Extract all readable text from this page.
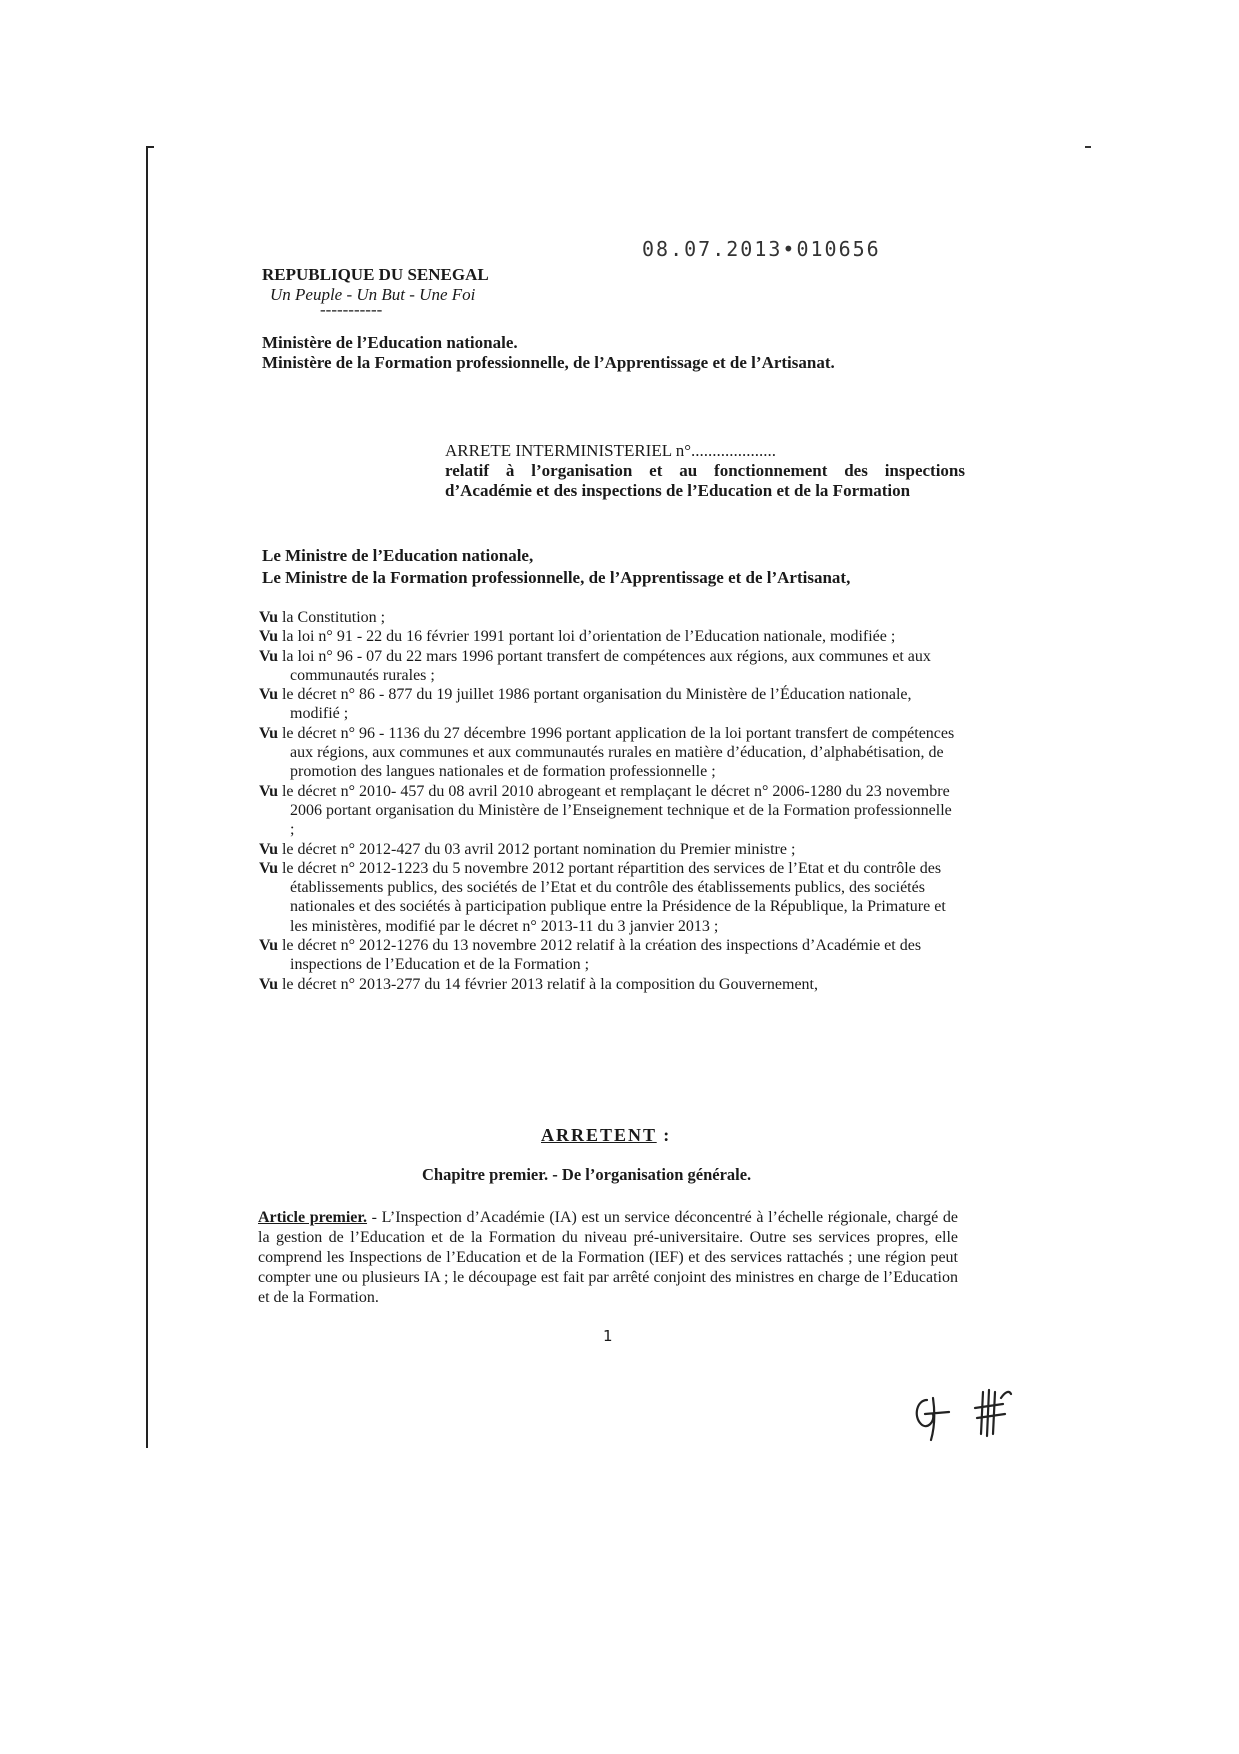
08.07.2013•010656
REPUBLIQUE DU SENEGAL
Un Peuple - Un But - Une Foi
-----------
Ministère de l’Education nationale.
Ministère de la Formation professionnelle, de l’Apprentissage et de l’Artisanat.
ARRETE INTERMINISTERIEL n°....................
relatif à l’organisation et au fonctionnement des inspections
d’Académie et des inspections de l’Education et de la Formation
Le Ministre de l’Education nationale,
Le Ministre de la Formation professionnelle, de l’Apprentissage et de l’Artisanat,
Vu la Constitution ;
Vu la loi n° 91 - 22 du 16 février 1991 portant loi d’orientation de l’Education nationale, modifiée ;
Vu la loi n° 96 - 07 du 22 mars 1996 portant transfert de compétences aux régions, aux communes et aux communautés rurales ;
Vu le décret n° 86 - 877 du 19 juillet 1986 portant organisation du Ministère de l’Éducation nationale, modifié ;
Vu le décret n° 96 - 1136 du 27 décembre 1996 portant application de la loi portant transfert de compétences aux régions, aux communes et aux communautés rurales en matière d’éducation, d’alphabétisation, de promotion des langues nationales et de formation professionnelle ;
Vu le décret n° 2010- 457 du 08 avril 2010 abrogeant et remplaçant le décret n° 2006-1280 du 23 novembre 2006 portant organisation du Ministère de l’Enseignement technique et de la Formation professionnelle ;
Vu le décret n° 2012-427 du 03 avril 2012 portant nomination du Premier ministre ;
Vu le décret n° 2012-1223 du 5 novembre 2012 portant répartition des services de l’Etat et du contrôle des établissements publics, des sociétés de l’Etat et du contrôle des établissements publics, des sociétés nationales et des sociétés à participation publique entre la Présidence de la République, la Primature et les ministères, modifié par le décret n° 2013-11 du 3 janvier 2013 ;
Vu le décret n° 2012-1276 du 13 novembre 2012 relatif à la création des inspections d’Académie et des inspections de l’Education et de la Formation ;
Vu le décret n° 2013-277 du 14 février 2013 relatif à la composition du Gouvernement,
ARRETENT :
Chapitre premier. - De l’organisation générale.
Article premier. - L’Inspection d’Académie (IA) est un service déconcentré à l’échelle régionale, chargé de la gestion de l’Education et de la Formation du niveau pré-universitaire. Outre ses services propres, elle comprend les Inspections de l’Education et de la Formation (IEF) et des services rattachés ; une région peut compter une ou plusieurs IA ; le découpage est fait par arrêté conjoint des ministres en charge de l’Education et de la Formation.
1
